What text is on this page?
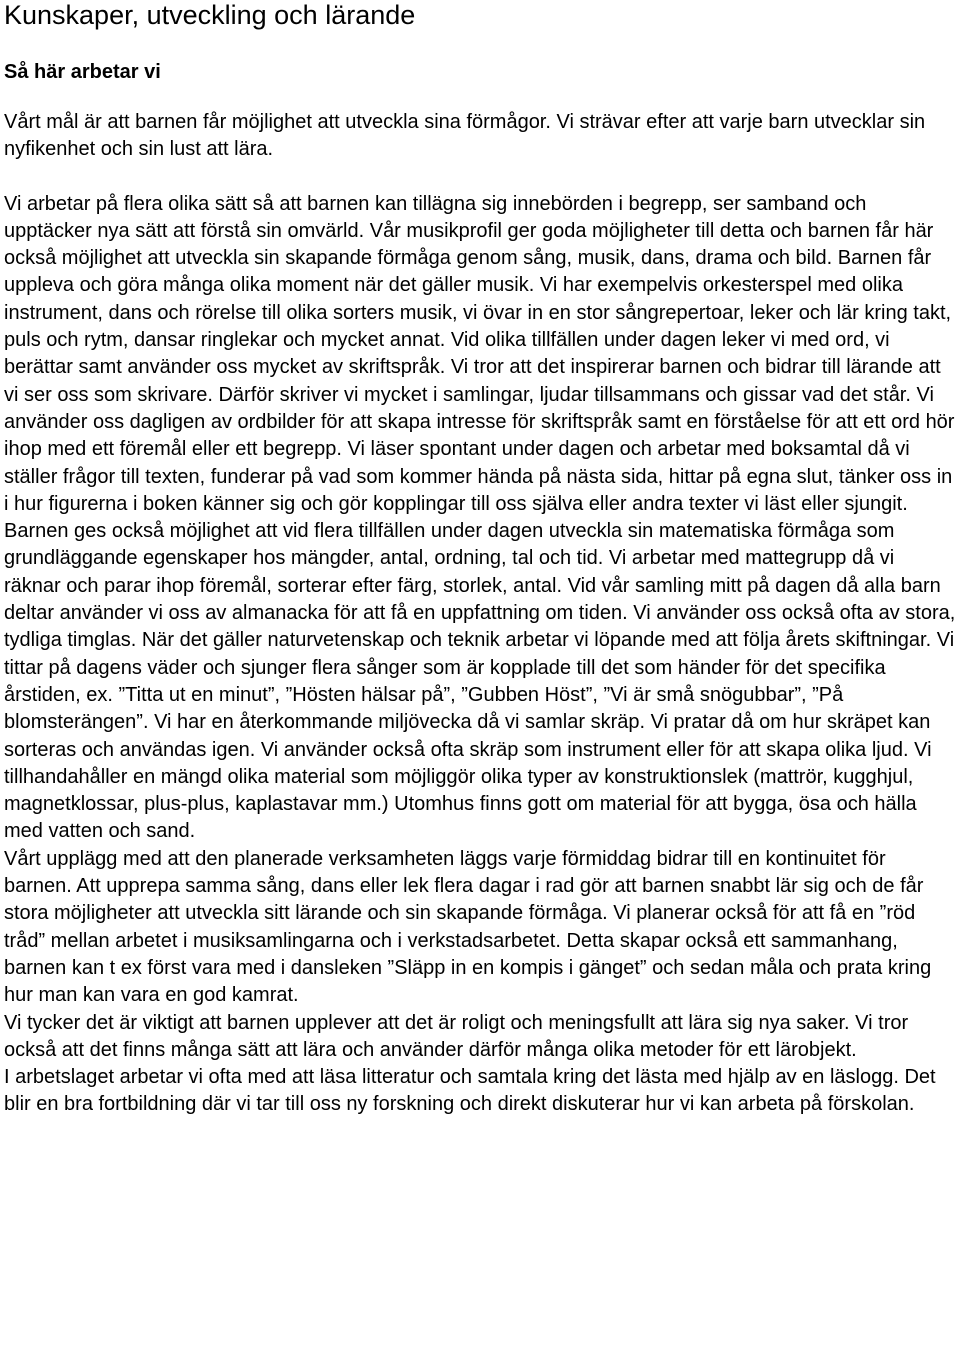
Kunskaper, utveckling och lärande
Så här arbetar vi

Vårt mål är att barnen får möjlighet att utveckla sina förmågor. Vi strävar efter att varje barn utvecklar sin nyfikenhet och sin lust att lära.

Vi arbetar på flera olika sätt så att barnen kan tillägna sig innebörden i begrepp, ser samband och upptäcker nya sätt att förstå sin omvärld. Vår musikprofil ger goda möjligheter till detta och barnen får här också möjlighet att utveckla sin skapande förmåga genom sång, musik, dans, drama och bild. Barnen får uppleva och göra många olika moment när det gäller musik. Vi har exempelvis orkesterspel med olika instrument, dans och rörelse till olika sorters musik, vi övar in en stor sångrepertoar, leker och lär kring takt, puls och rytm, dansar ringlekar och mycket annat. Vid olika tillfällen under dagen leker vi med ord, vi berättar samt använder oss mycket av skriftspråk. Vi tror att det inspirerar barnen och bidrar till lärande att vi ser oss som skrivare. Därför skriver vi mycket i samlingar, ljudar tillsammans och gissar vad det står. Vi använder oss dagligen av ordbilder för att skapa intresse för skriftspråk samt en förståelse för att ett ord hör ihop med ett föremål eller ett begrepp. Vi läser spontant under dagen och arbetar med boksamtal då vi ställer frågor till texten, funderar på vad som kommer hända på nästa sida, hittar på egna slut, tänker oss in i hur figurerna i boken känner sig och gör kopplingar till oss själva eller andra texter vi läst eller sjungit. Barnen ges också möjlighet att vid flera tillfällen under dagen utveckla sin matematiska förmåga som grundläggande egenskaper hos mängder, antal, ordning, tal och tid. Vi arbetar med mattegrupp då vi räknar och parar ihop föremål, sorterar efter färg, storlek, antal. Vid vår samling mitt på dagen då alla barn deltar använder vi oss av almanacka för att få en uppfattning om tiden. Vi använder oss också ofta av stora, tydliga timglas. När det gäller naturvetenskap och teknik arbetar vi löpande med att följa årets skiftningar. Vi tittar på dagens väder och sjunger flera sånger som är kopplade till det som händer för det specifika årstiden, ex. ”Titta ut en minut”, ”Hösten hälsar på”, ”Gubben Höst”, ”Vi är små snögubbar”, ”På blomsterängen”. Vi har en återkommande miljövecka då vi samlar skräp. Vi pratar då om hur skräpet kan sorteras och användas igen. Vi använder också ofta skräp som instrument eller för att skapa olika ljud. Vi tillhandahåller en mängd olika material som möjliggör olika typer av konstruktionslek (mattrör, kugghjul, magnetklossar, plus-plus, kaplastavar mm.) Utomhus finns gott om material för att bygga, ösa och hälla med vatten och sand.

Vårt upplägg med att den planerade verksamheten läggs varje förmiddag bidrar till en kontinuitet för barnen. Att upprepa samma sång, dans eller lek flera dagar i rad gör att barnen snabbt lär sig och de får stora möjligheter att utveckla sitt lärande och sin skapande förmåga. Vi planerar också för att få en ”röd tråd” mellan arbetet i musiksamlingarna och i verkstadsarbetet. Detta skapar också ett sammanhang, barnen kan t ex först vara med i dansleken ”Släpp in en kompis i gänget” och sedan måla och prata kring hur man kan vara en god kamrat.

Vi tycker det är viktigt att barnen upplever att det är roligt och meningsfullt att lära sig nya saker. Vi tror också att det finns många sätt att lära och använder därför många olika metoder för ett lärobjekt.

I arbetslaget arbetar vi ofta med att läsa litteratur och samtala kring det lästa med hjälp av en läslogg. Det blir en bra fortbildning där vi tar till oss ny forskning och direkt diskuterar hur vi kan arbeta på förskolan.
